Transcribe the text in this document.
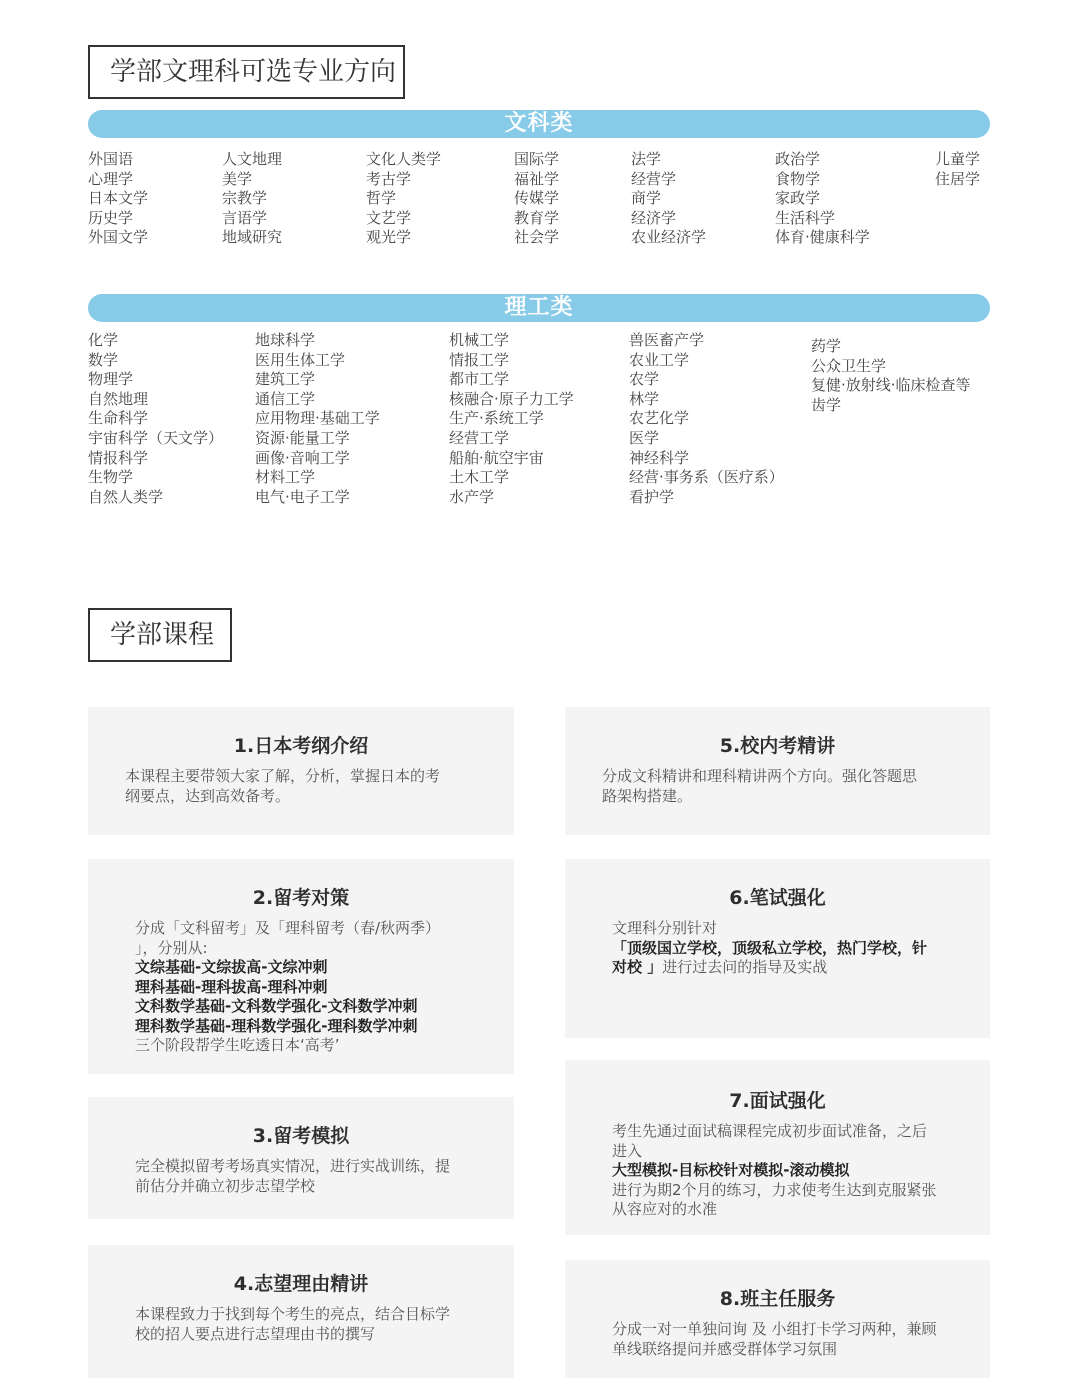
学部文理科可选专业方向
文科类
外国语
心理学
日本文学
历史学
外国文学
人文地理
美学
宗教学
言语学
地域研究
文化人类学
考古学
哲学
文艺学
观光学
国际学
福祉学
传媒学
教育学
社会学
法学
经营学
商学
经济学
农业经济学
政治学
食物学
家政学
生活科学
体育·健康科学
儿童学
住居学
理工类
化学
数学
物理学
自然地理
生命科学
宇宙科学（天文学）
情报科学
生物学
自然人类学
地球科学
医用生体工学
建筑工学
通信工学
应用物理·基础工学
资源·能量工学
画像·音响工学
材料工学
电气·电子工学
机械工学
情报工学
都市工学
核融合·原子力工学
生产·系统工学
经营工学
船舶·航空宇宙
土木工学
水产学
兽医畜产学
农业工学
农学
林学
农艺化学
医学
神经科学
经营·事务系（医疗系）
看护学
药学
公众卫生学
复健·放射线·临床检查等
齿学
学部课程
1.日本考纲介绍
本课程主要带领大家了解，分析，掌握日本的考
纲要点，达到高效备考。
2.留考对策
分成「文科留考」及「理科留考（春/秋两季）
」，分别从:
文综基础-文综拔高-文综冲刺
理科基础-理科拔高-理科冲刺
文科数学基础-文科数学强化-文科数学冲刺
理科数学基础-理科数学强化-理科数学冲刺
三个阶段帮学生吃透日本‘高考’
3.留考模拟
完全模拟留考考场真实情况，进行实战训练，提
前估分并确立初步志望学校
4.志望理由精讲
本课程致力于找到每个考生的亮点，结合目标学
校的招人要点进行志望理由书的撰写
5.校内考精讲
分成文科精讲和理科精讲两个方向。强化答题思
路架构搭建。
6.笔试强化
文理科分别针对
「顶级国立学校，顶级私立学校，热门学校，针
对校 」进行过去问的指导及实战
7.面试强化
考生先通过面试稿课程完成初步面试准备，之后
进入
大型模拟-目标校针对模拟-滚动模拟
进行为期2个月的练习，力求使考生达到克服紧张
从容应对的水准
8.班主任服务
分成一对一单独问询 及 小组打卡学习两种，兼顾
单线联络提问并感受群体学习氛围
